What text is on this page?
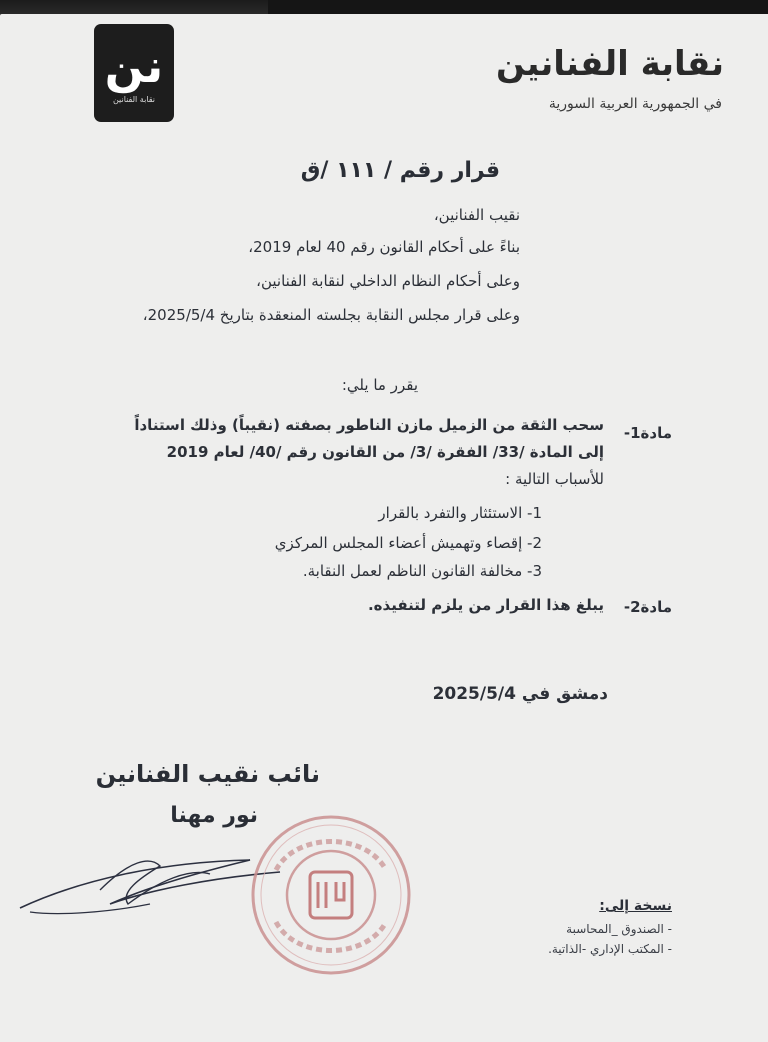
نن
نقابة الفنانين
نقابة الفنانين
في الجمهورية العربية السورية
قرار رقم / ١١١ /ق
نقيب الفنانين،
بناءً على أحكام القانون رقم 40 لعام 2019،
وعلى أحكام النظام الداخلي لنقابة الفنانين،
وعلى قرار مجلس النقابة بجلسته المنعقدة بتاريخ 2025/5/4،
يقرر ما يلي:
مادة1-
سحب الثقة من الزميل مازن الناطور بصفته (نقيباً) وذلك استناداً
إلى المادة /33/ الفقرة /3/ من القانون رقم /40/ لعام 2019
للأسباب التالية :
1- الاستئثار والتفرد بالقرار
2- إقصاء وتهميش أعضاء المجلس المركزي
3- مخالفة القانون الناظم لعمل النقابة.
مادة2-
يبلغ هذا القرار من يلزم لتنفيذه.
دمشق في 2025/5/4
نائب نقيب الفنانين
نور مهنا
نسخة إلى:
- الصندوق _المحاسبة
- المكتب الإداري -الذاتية.
